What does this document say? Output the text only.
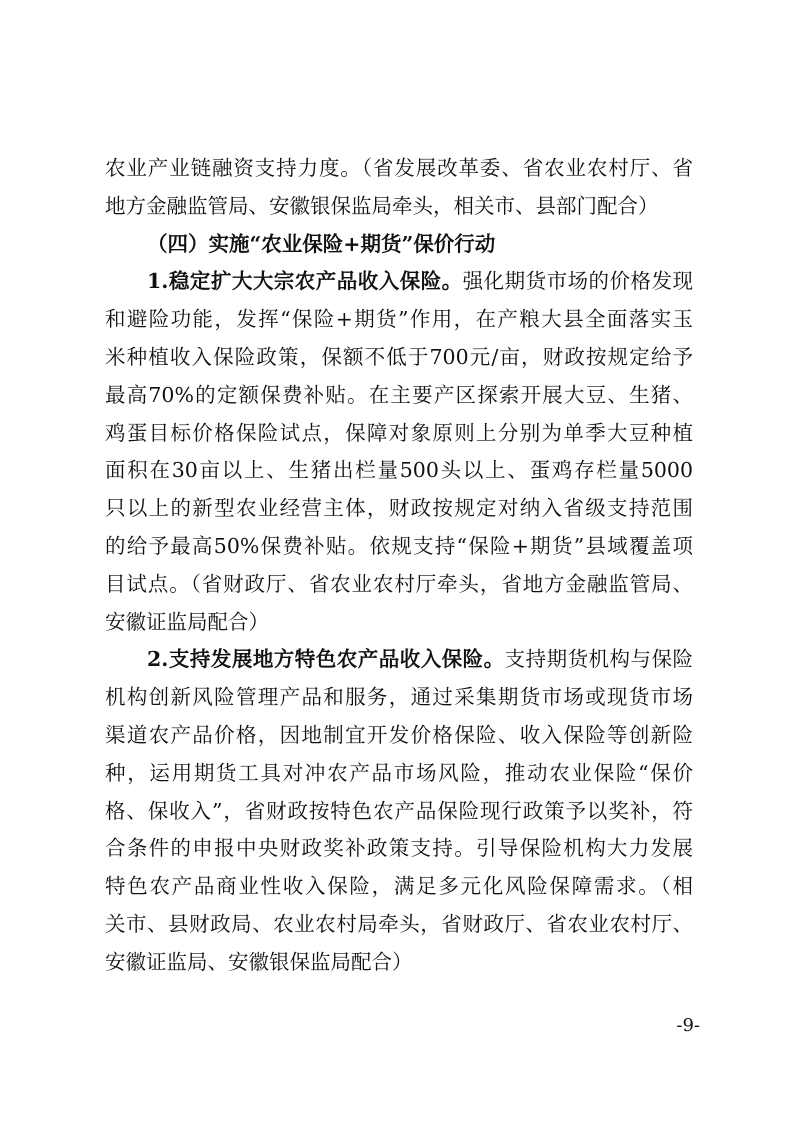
农业产业链融资支持力度。（省发展改革委、省农业农村厅、省
地方金融监管局、安徽银保监局牵头，相关市、县部门配合）
（四）实施“农业保险+期货”保价行动
1.稳定扩大大宗农产品收入保险。强化期货市场的价格发现
和避险功能，发挥“保险+期货”作用，在产粮大县全面落实玉
米种植收入保险政策，保额不低于700元/亩，财政按规定给予
最高70%的定额保费补贴。在主要产区探索开展大豆、生猪、
鸡蛋目标价格保险试点，保障对象原则上分别为单季大豆种植
面积在30亩以上、生猪出栏量500头以上、蛋鸡存栏量5000
只以上的新型农业经营主体，财政按规定对纳入省级支持范围
的给予最高50%保费补贴。依规支持“保险+期货”县域覆盖项
目试点。（省财政厅、省农业农村厅牵头，省地方金融监管局、
安徽证监局配合）
2.支持发展地方特色农产品收入保险。支持期货机构与保险
机构创新风险管理产品和服务，通过采集期货市场或现货市场
渠道农产品价格，因地制宜开发价格保险、收入保险等创新险
种，运用期货工具对冲农产品市场风险，推动农业保险“保价
格、保收入”，省财政按特色农产品保险现行政策予以奖补，符
合条件的申报中央财政奖补政策支持。引导保险机构大力发展
特色农产品商业性收入保险，满足多元化风险保障需求。（相
关市、县财政局、农业农村局牵头，省财政厅、省农业农村厅、
安徽证监局、安徽银保监局配合）
-9-
